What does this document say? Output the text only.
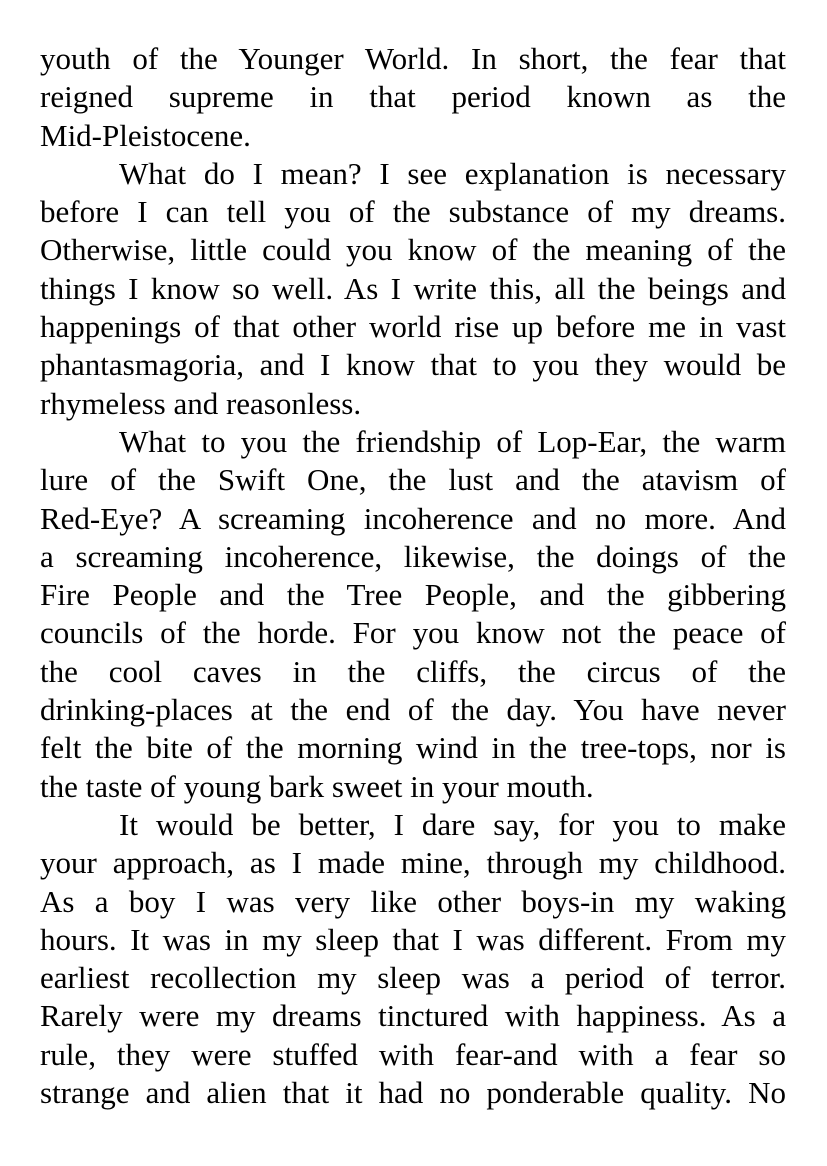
youth of the Younger World. In short, the fear that
reigned supreme in that period known as the
Mid-Pleistocene.
What do I mean? I see explanation is necessary
before I can tell you of the substance of my dreams.
Otherwise, little could you know of the meaning of the
things I know so well. As I write this, all the beings and
happenings of that other world rise up before me in vast
phantasmagoria, and I know that to you they would be
rhymeless and reasonless.
What to you the friendship of Lop-Ear, the warm
lure of the Swift One, the lust and the atavism of
Red-Eye? A screaming incoherence and no more. And
a screaming incoherence, likewise, the doings of the
Fire People and the Tree People, and the gibbering
councils of the horde. For you know not the peace of
the cool caves in the cliffs, the circus of the
drinking-places at the end of the day. You have never
felt the bite of the morning wind in the tree-tops, nor is
the taste of young bark sweet in your mouth.
It would be better, I dare say, for you to make
your approach, as I made mine, through my childhood.
As a boy I was very like other boys-in my waking
hours. It was in my sleep that I was different. From my
earliest recollection my sleep was a period of terror.
Rarely were my dreams tinctured with happiness. As a
rule, they were stuffed with fear-and with a fear so
strange and alien that it had no ponderable quality. No
